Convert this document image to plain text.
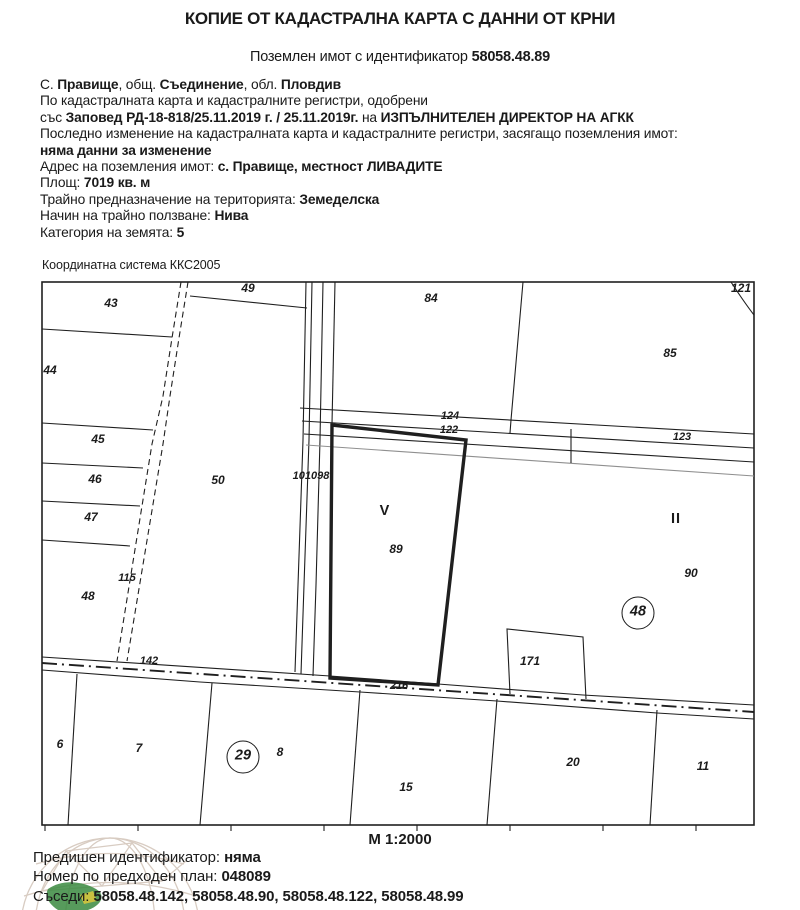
КОПИЕ ОТ КАДАСТРАЛНА КАРТА С ДАННИ ОТ КРНИ
Поземлен имот с идентификатор 58058.48.89
С. Правище, общ. Съединение, обл. Пловдив
По кадастралната карта и кадастралните регистри, одобрени
със Заповед РД-18-818/25.11.2019 г. / 25.11.2019г. на ИЗПЪЛНИТЕЛЕН ДИРЕКТОР НА АГКК
Последно изменение на кадастралната карта и кадастралните регистри, засягащо поземления имот:
няма данни за изменение
Адрес на поземления имот: с. Правище, местност ЛИВАДИТЕ
Площ: 7019 кв. м
Трайно предназначение на територията: Земеделска
Начин на трайно ползване: Нива
Категория на земята: 5
Координатна система ККС2005
43
49
84
121
85
44
45
46
47
50	101098
115
48
V
89
II
90
48
124
122
123
171
142
216
6	7	29	8
15
20	11
М 1:2000
Предишен идентификатор: няма
Номер по предходен план: 048089
Съседи: 58058.48.142, 58058.48.90, 58058.48.122, 58058.48.99
